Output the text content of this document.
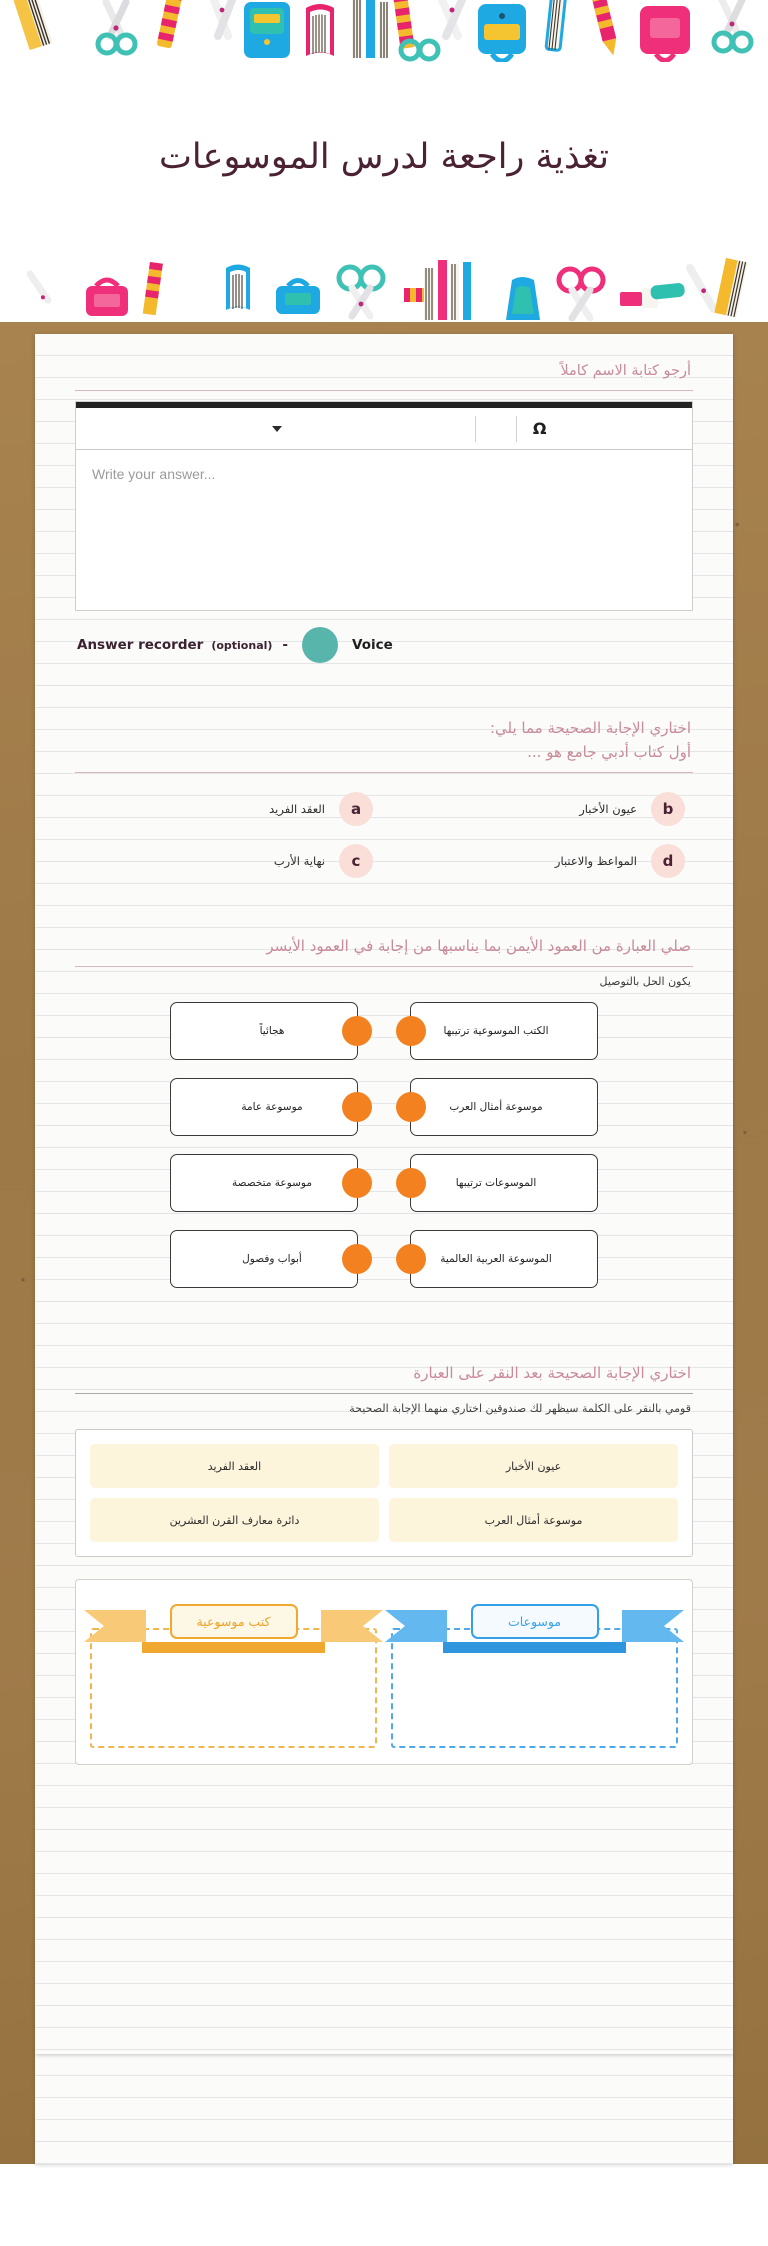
تغذية راجعة لدرس الموسوعات
أرجو كتابة الاسم كاملاً
Ω
Write your answer...
Answer recorder (optional) -	Voice
اختاري الإجابة الصحيحة مما يلي:
أول كتاب أدبي جامع هو ...
b
عيون الأخبار
a
العقد الفريد
d
المواعظ والاعتبار
c
نهاية الأرب
صلي العبارة من العمود الأيمن بما يناسبها من إجابة في العمود الأيسر
يكون الحل بالتوصيل
الكتب الموسوعية ترتيبها
هجائياً
موسوعة أمثال العرب
موسوعة عامة
الموسوعات ترتيبها
موسوعة متخصصة
الموسوعة العربية العالمية
أبواب وفصول
اختاري الإجابة الصحيحة بعد النقر على العبارة
قومي بالنقر على الكلمة سيظهر لك صندوقين اختاري منهما الإجابة الصحيحة
عيون الأخبار
العقد الفريد
موسوعة أمثال العرب
دائرة معارف القرن العشرين
موسوعات
كتب موسوعية
